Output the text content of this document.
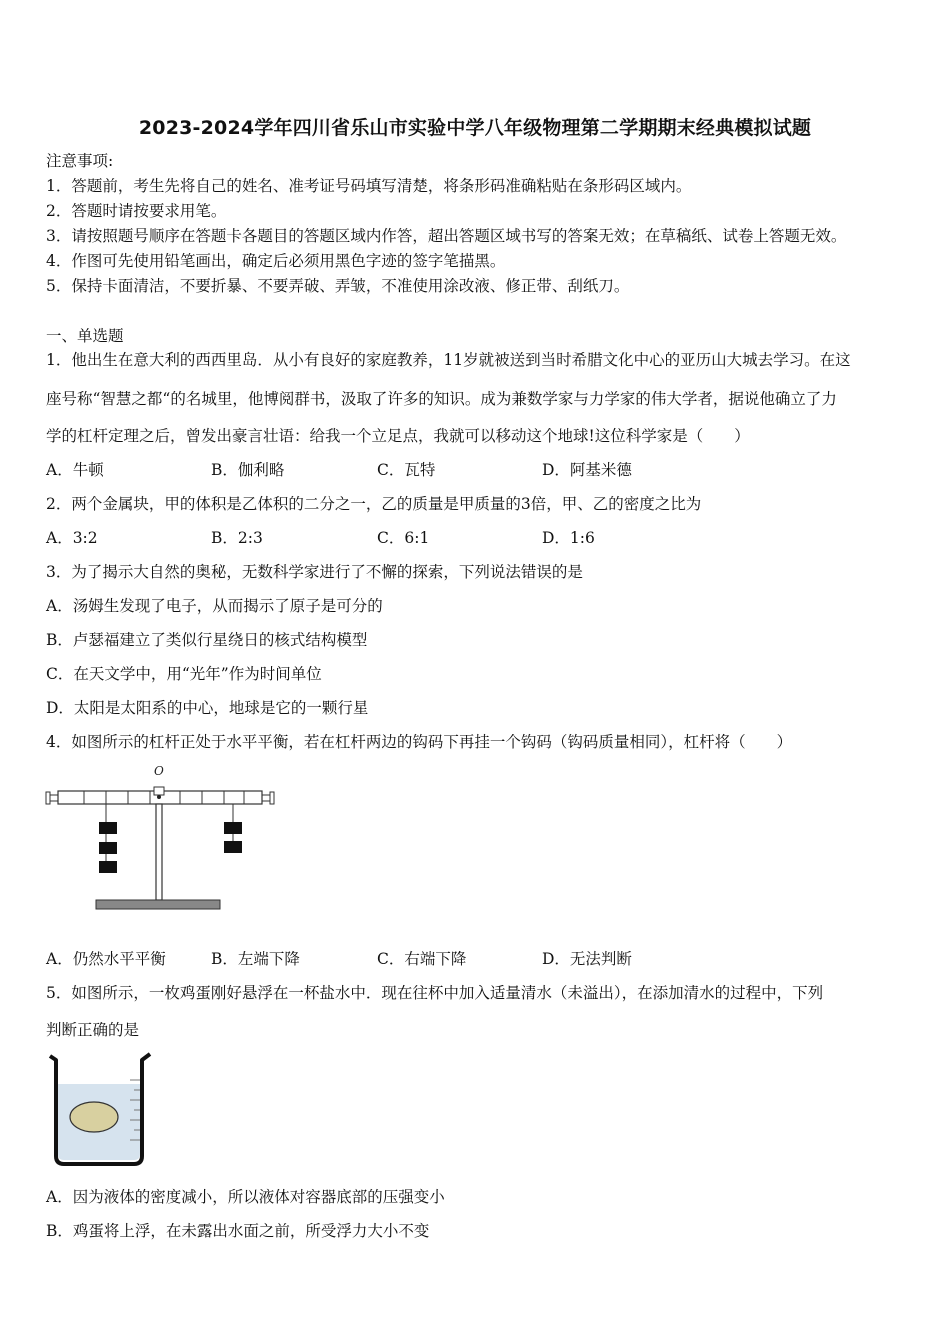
2023-2024学年四川省乐山市实验中学八年级物理第二学期期末经典模拟试题
注意事项:
1．答题前，考生先将自己的姓名、准考证号码填写清楚，将条形码准确粘贴在条形码区域内。
2．答题时请按要求用笔。
3．请按照题号顺序在答题卡各题目的答题区域内作答，超出答题区域书写的答案无效；在草稿纸、试卷上答题无效。
4．作图可先使用铅笔画出，确定后必须用黑色字迹的签字笔描黑。
5．保持卡面清洁，不要折暴、不要弄破、弄皱，不准使用涂改液、修正带、刮纸刀。
一、单选题
1．他出生在意大利的西西里岛．从小有良好的家庭教养，11岁就被送到当时希腊文化中心的亚历山大城去学习。在这
座号称“智慧之都“的名城里，他博阅群书，汲取了许多的知识。成为兼数学家与力学家的伟大学者，据说他确立了力
学的杠杆定理之后，曾发出豪言壮语：给我一个立足点，我就可以移动这个地球!这位科学家是（　　）
A．牛顿	B．伽利略	C．瓦特	D．阿基米德
2．两个金属块，甲的体积是乙体积的二分之一，乙的质量是甲质量的3倍，甲、乙的密度之比为
A．3:2	B．2:3	C．6:1	D．1:6
3．为了揭示大自然的奥秘，无数科学家进行了不懈的探索，下列说法错误的是
A．汤姆生发现了电子，从而揭示了原子是可分的
B．卢瑟福建立了类似行星绕日的核式结构模型
C．在天文学中，用“光年”作为时间单位
D．太阳是太阳系的中心，地球是它的一颗行星
4．如图所示的杠杆正处于水平平衡，若在杠杆两边的钩码下再挂一个钩码（钩码质量相同），杠杆将（　　）
O
A．仍然水平平衡	B．左端下降	C．右端下降	D．无法判断
5．如图所示，一枚鸡蛋刚好悬浮在一杯盐水中．现在往杯中加入适量清水（未溢出），在添加清水的过程中，下列
判断正确的是
A．因为液体的密度减小，所以液体对容器底部的压强变小
B．鸡蛋将上浮，在未露出水面之前，所受浮力大小不变
